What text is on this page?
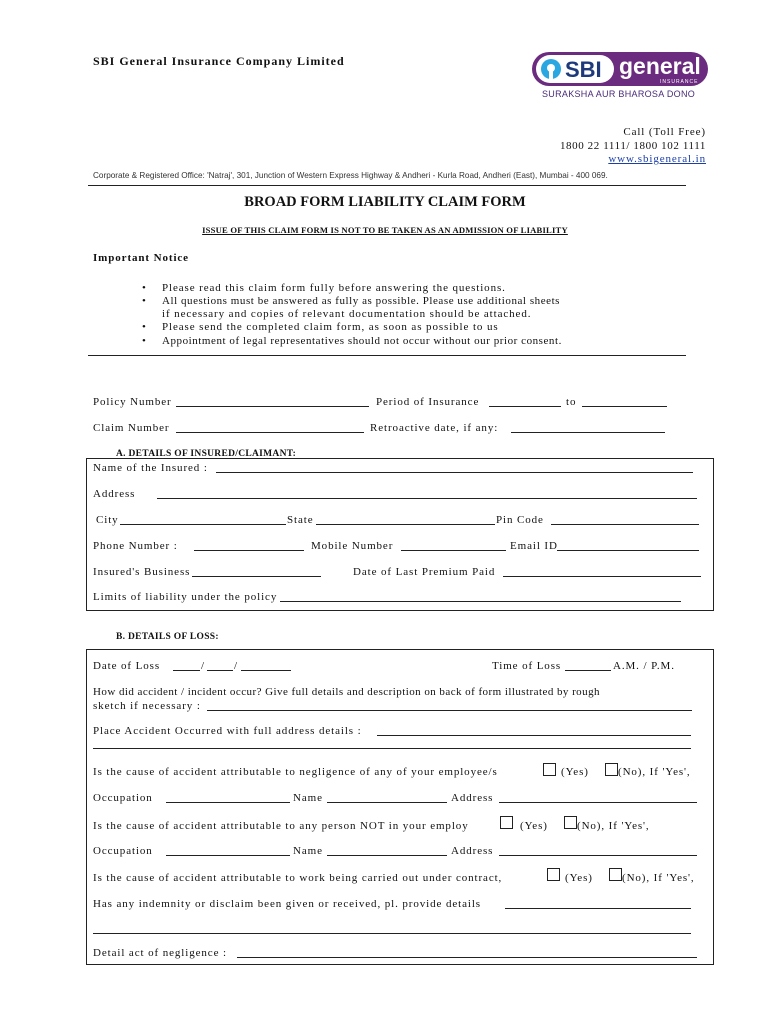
SBI General Insurance Company Limited	SBI general
INSURANCE
SURAKSHA AUR BHAROSA DONO
Call (Toll Free)
1800 22 1111/ 1800 102 1111
www.sbigeneral.in
Corporate & Registered Office: 'Natraj', 301, Junction of Western Express Highway & Andheri - Kurla Road, Andheri (East), Mumbai - 400 069.
BROAD FORM LIABILITY CLAIM FORM
ISSUE OF THIS CLAIM FORM IS NOT TO BE TAKEN AS AN ADMISSION OF LIABILITY
Important Notice
• Please read this claim form fully before answering the questions.
• All questions must be answered as fully as possible. Please use additional sheets
if necessary and copies of relevant documentation should be attached.
• Please send the completed claim form, as soon as possible to us
• Appointment of legal representatives should not occur without our prior consent.
Policy Number	Period of Insurance	to
Claim Number	Retroactive date, if any:
A. DETAILS OF INSURED/CLAIMANT:
Name of the Insured :
Address
City	State	Pin Code
Phone Number :	Mobile Number	Email ID
Insured's Business	Date of Last Premium Paid
Limits of liability under the policy
B. DETAILS OF LOSS:
Date of Loss	/	/	Time of Loss	A.M. / P.M.
How did accident / incident occur? Give full details and description on back of form illustrated by rough
sketch if necessary :
Place Accident Occurred with full address details :
Is the cause of accident attributable to negligence of any of your employee/s	(Yes)	(No), If 'Yes',
Occupation	Name	Address
Is the cause of accident attributable to any person NOT in your employ	(Yes)	(No), If 'Yes',
Occupation	Name	Address
Is the cause of accident attributable to work being carried out under contract,	(Yes)	(No), If 'Yes',
Has any indemnity or disclaim been given or received, pl. provide details
Detail act of negligence :
